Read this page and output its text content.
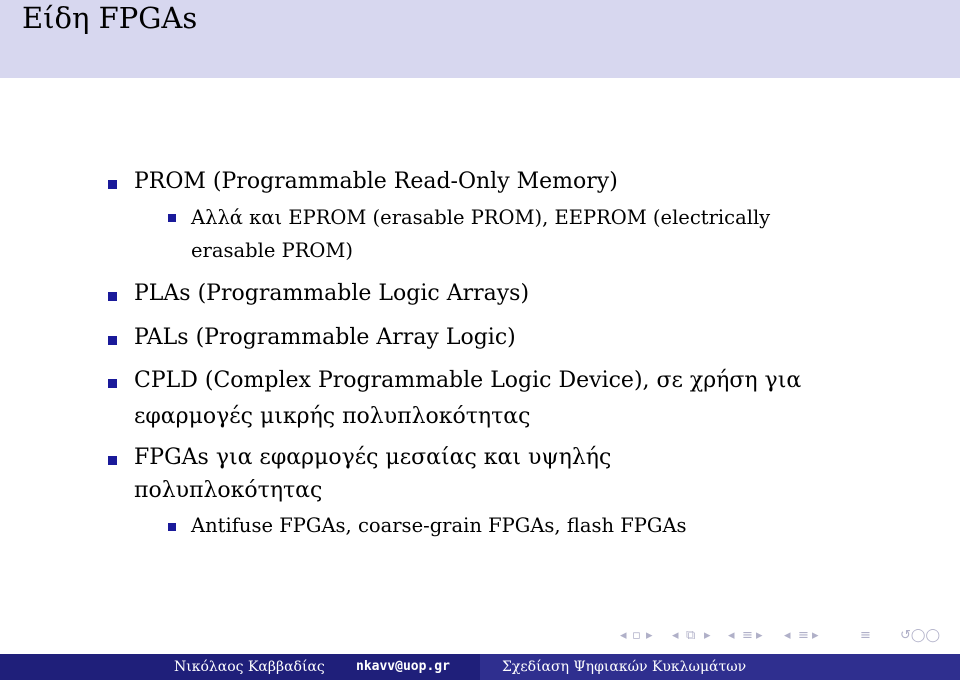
Είδη FPGAs
PROM (Programmable Read-Only Memory)
Αλλά και EPROM (erasable PROM), EEPROM (electrically
erasable PROM)
PLAs (Programmable Logic Arrays)
PALs (Programmable Array Logic)
CPLD (Complex Programmable Logic Device), σε χρήση για
εφαρμογές μικρής πολυπλοκότητας
FPGAs για εφαρμογές μεσαίας και υψηλής
πολυπλοκότητας
Antifuse FPGAs, coarse-grain FPGAs, flash FPGAs
◂ ▫ ▸ ◂ ⧉ ▸ ◂ ≡ ▸ ◂ ≡ ▸	≡ ↺◯◯
Νικόλαος Καββαδίας nkavv@uop.gr	Σχεδίαση Ψηφιακών Κυκλωμάτων
